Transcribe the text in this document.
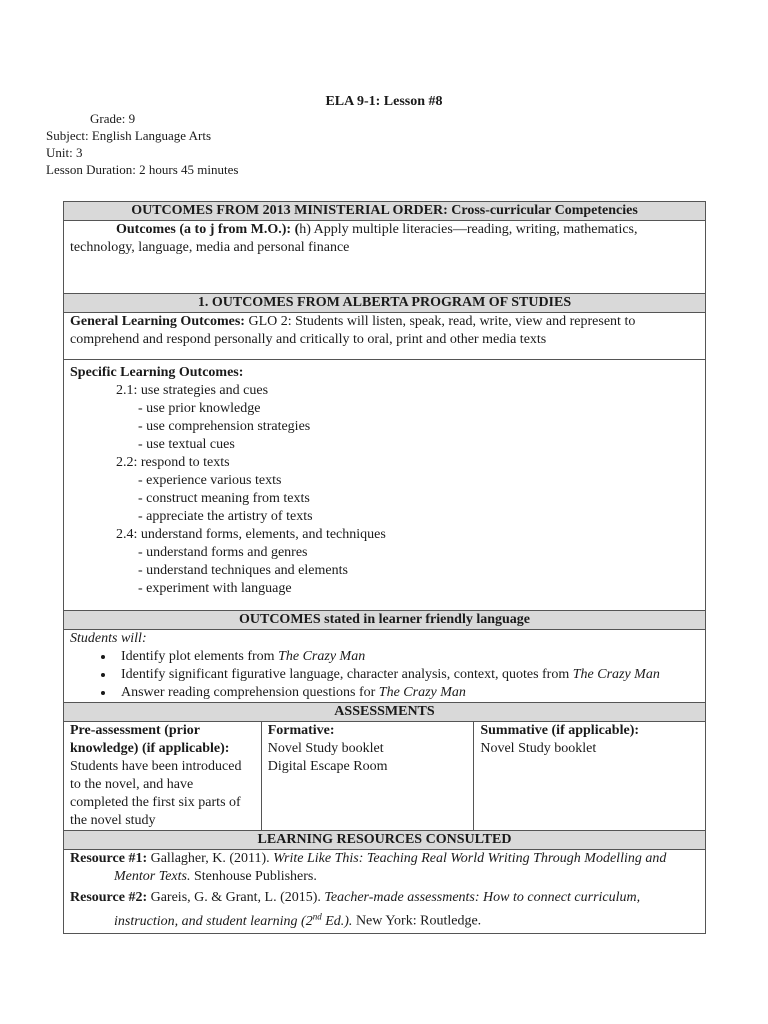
ELA 9-1: Lesson #8
Grade: 9
Subject: English Language Arts
Unit: 3
Lesson Duration: 2 hours 45 minutes
OUTCOMES FROM 2013 MINISTERIAL ORDER: Cross-curricular Competencies

Outcomes (a to j from M.O.): (h) Apply multiple literacies—reading, writing, mathematics, technology, language, media and personal finance

1. OUTCOMES FROM ALBERTA PROGRAM OF STUDIES
General Learning Outcomes: GLO 2: Students will listen, speak, read, write, view and represent to comprehend and respond personally and critically to oral, print and other media texts
Specific Learning Outcomes:
2.1: use strategies and cues
- use prior knowledge
- use comprehension strategies
- use textual cues
2.2: respond to texts
- experience various texts
- construct meaning from texts
- appreciate the artistry of texts
2.4: understand forms, elements, and techniques
- understand forms and genres
- understand techniques and elements
- experiment with language

OUTCOMES stated in learner friendly language

Students will:
• Identify plot elements from The Crazy Man
• Identify significant figurative language, character analysis, context, quotes from The Crazy Man
• Answer reading comprehension questions for The Crazy Man

ASSESSMENTS
Pre-assessment (prior knowledge) (if applicable):
Students have been introduced to the novel, and have completed the first six parts of the novel study
	Formative:
Novel Study booklet
Digital Escape Room
	Summative (if applicable):
Novel Study booklet

LEARNING RESOURCES CONSULTED

Resource #1: Gallagher, K. (2011). Write Like This: Teaching Real World Writing Through Modelling and Mentor Texts. Stenhouse Publishers.
Resource #2: Gareis, G. & Grant, L. (2015). Teacher-made assessments: How to connect curriculum, instruction, and student learning (2nd Ed.). New York: Routledge.
